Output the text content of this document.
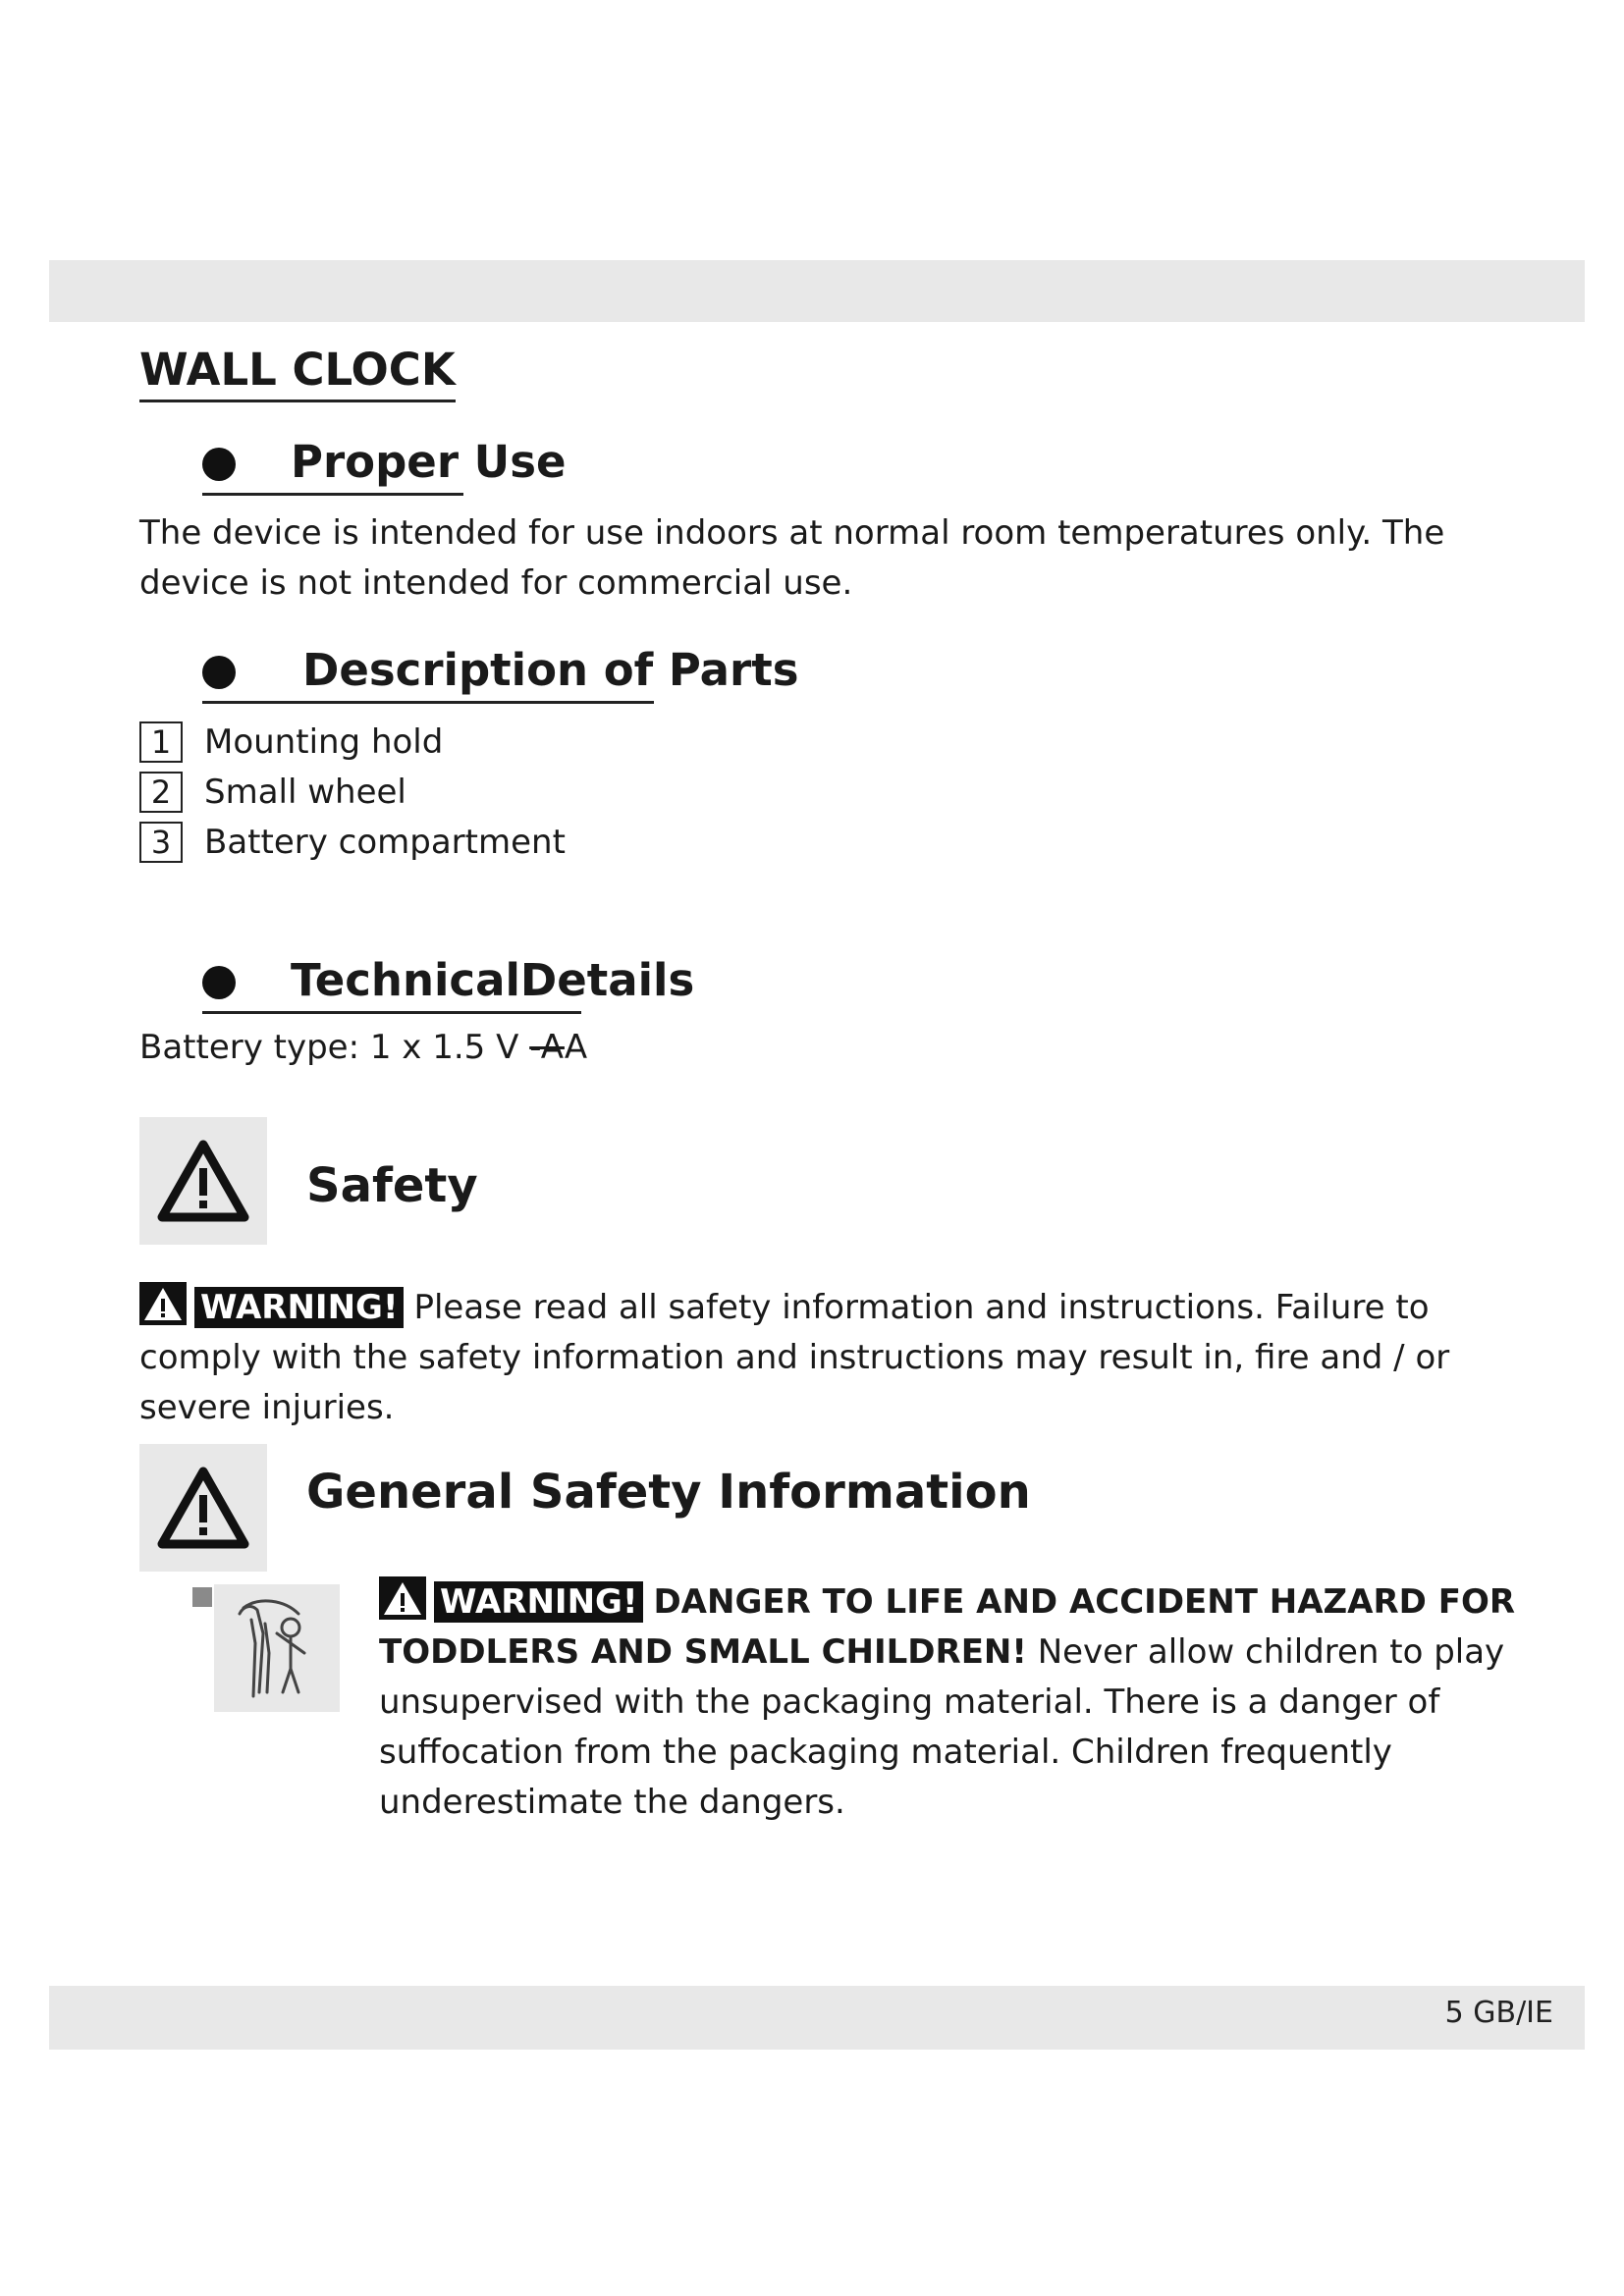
WALL CLOCK
Proper Use

The device is intended for use indoors at normal room temperatures only. The device is not intended for commercial use.

Description of Parts
1 Mounting hold
2 Small wheel
3 Battery compartment
TechnicalDetails

Battery type: 1 x 1.5 V -AA

Safety

WARNING! Please read all safety information and instructions. Failure to comply with the safety information and instructions may result in, fire and / or severe injuries.

General Safety Information

WARNING! DANGER TO LIFE AND ACCIDENT HAZARD FOR TODDLERS AND SMALL CHILDREN! Never allow children to play unsupervised with the packaging material. There is a danger of suffocation from the packaging material. Children frequently underestimate the dangers.

5 GB/IE
